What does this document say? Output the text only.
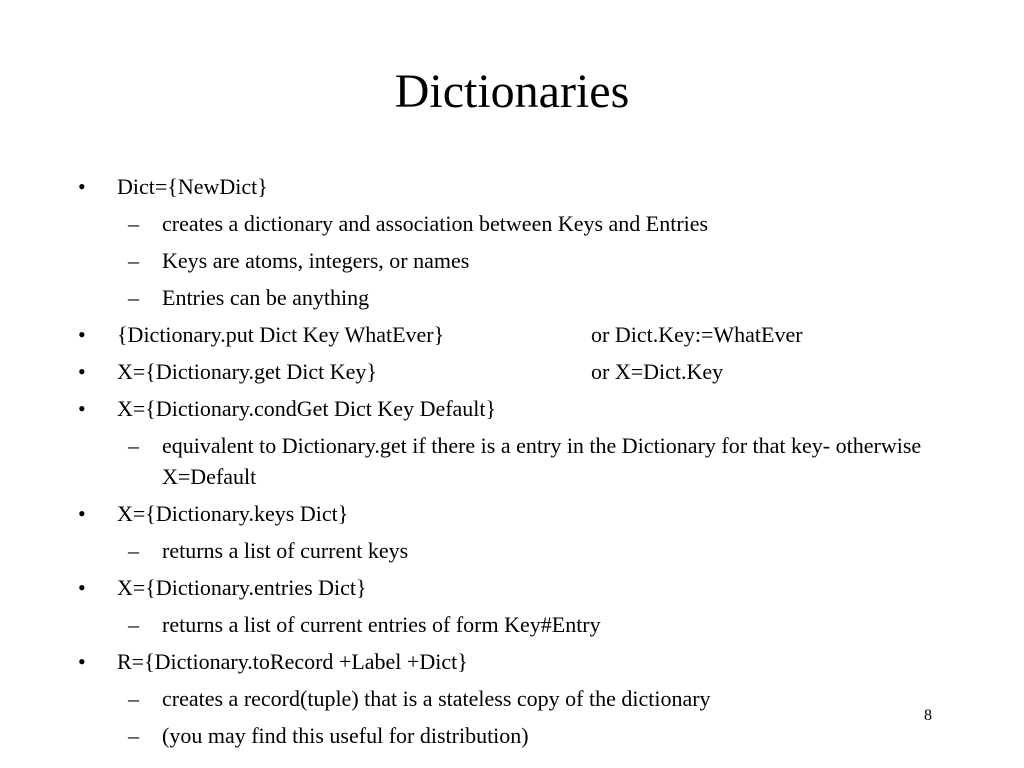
Dictionaries
• Dict={NewDict}
– creates a dictionary and association between Keys and Entries
– Keys are atoms, integers, or names
– Entries can be anything
• {Dictionary.put Dict Key WhatEver}	or Dict.Key:=WhatEver
• X={Dictionary.get Dict Key}	or X=Dict.Key
• X={Dictionary.condGet Dict Key Default}
– equivalent to Dictionary.get if there is a entry in the Dictionary for that key- otherwise X=Default
• X={Dictionary.keys Dict}
– returns a list of current keys
• X={Dictionary.entries Dict}
– returns a list of current entries of form Key#Entry
• R={Dictionary.toRecord +Label +Dict}
– creates a record(tuple) that is a stateless copy of the dictionary
– (you may find this useful for distribution)
8
